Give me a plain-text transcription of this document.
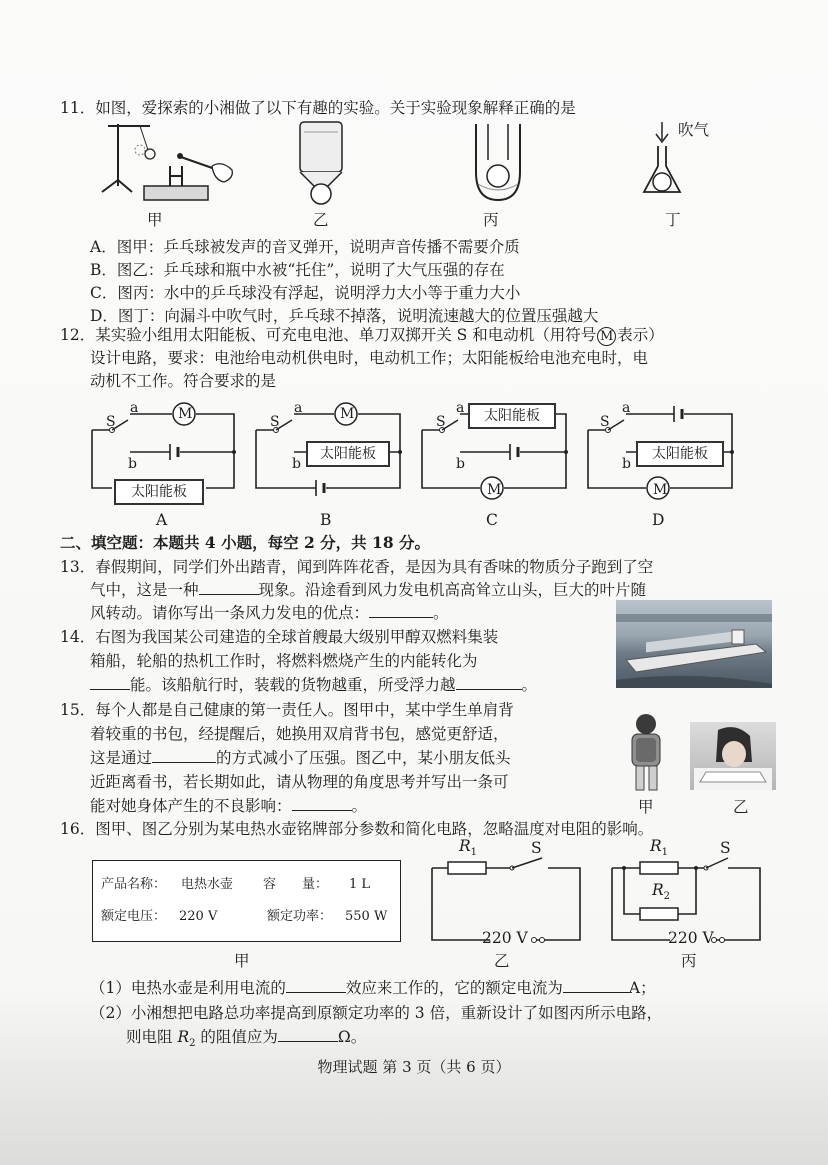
11．如图，爱探索的小湘做了以下有趣的实验。关于实验现象解释正确的是
甲	乙	丙
吹气
丁
A．图甲：乒乓球被发声的音叉弹开，说明声音传播不需要介质
B．图乙：乒乓球和瓶中水被“托住”，说明了大气压强的存在
C．图丙：水中的乒乓球没有浮起，说明浮力大小等于重力大小
D．图丁：向漏斗中吹气时，乒乓球不掉落，说明流速越大的位置压强越大
12．某实验小组用太阳能板、可充电电池、单刀双掷开关 S 和电动机（用符号 M 表示）
设计电路，要求：电池给电动机供电时，电动机工作；太阳能板给电池充电时，电
动机不工作。符合要求的是
S
a
b
M
太阳能板
A
S
a
b
M
太阳能板
B
S
a
b
太阳能板
M
C
S
a
b
太阳能板
M
D
二、填空题：本题共 4 小题，每空 2 分，共 18 分。
13．春假期间，同学们外出踏青，闻到阵阵花香，是因为具有香味的物质分子跑到了空
气中，这是一种	现象。沿途看到风力发电机高高耸立山头，巨大的叶片随
风转动。请你写出一条风力发电的优点：	。
14．右图为我国某公司建造的全球首艘最大级别甲醇双燃料集装
箱船，轮船的热机工作时，将燃料燃烧产生的内能转化为
能。该船航行时，装载的货物越重，所受浮力越	。
15．每个人都是自己健康的第一责任人。图甲中，某中学生单肩背
着较重的书包，经提醒后，她换用双肩背书包，感觉更舒适，
这是通过	的方式减小了压强。图乙中，某小朋友低头
近距离看书，若长期如此，请从物理的角度思考并写出一条可
能对她身体产生的不良影响：	。	甲	乙
16．图甲、图乙分别为某电热水壶铭牌部分参数和简化电路，忽略温度对电阻的影响。
产品名称： 电热水壶 容　　量： 1 L
额定电压： 220 V	额定功率： 550 W
甲
$R_1$	S
220 V
乙
$R_1$
$R_2$
S
220 V
丙
（1）电热水壶是利用电流的	效应来工作的，它的额定电流为	A；
（2）小湘想把电路总功率提高到原额定功率的 3 倍，重新设计了如图丙所示电路，
则电阻 $R_2$ 的阻值应为	Ω。
物理试题 第 3 页（共 6 页）
